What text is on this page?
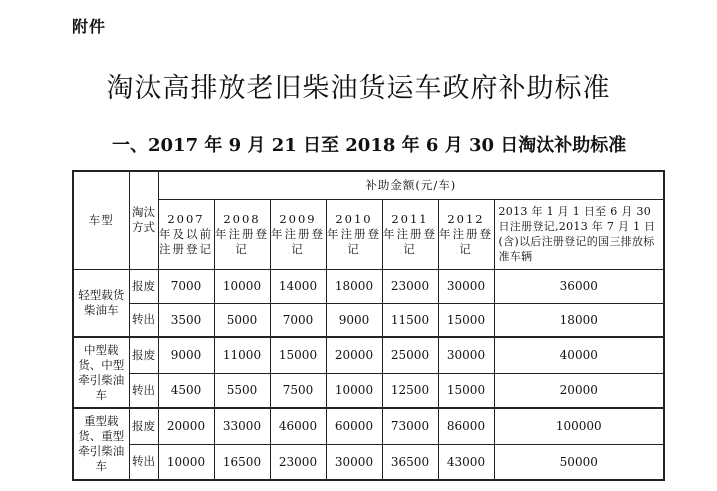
附件
淘汰高排放老旧柴油货运车政府补助标准
一、2017 年 9 月 21 日至 2018 年 6 月 30 日淘汰补助标准
车型	淘汰方式	补助金额(元/车)						
		2007 年及以前注册登记	2008 年注册登记	2009 年注册登记	2010 年注册登记	2011 年注册登记	2012 年注册登记	2013 年 1 月 1 日至 6 月 30 日注册登记,2013 年 7 月 1 日(含)以后注册登记的国三排放标准车辆
轻型载货柴油车	报废	7000	10000	14000	18000	23000	30000	36000
	转出	3500	5000	7000	9000	11500	15000	18000
中型载货、中型牵引柴油车	报废	9000	11000	15000	20000	25000	30000	40000
	转出	4500	5500	7500	10000	12500	15000	20000
重型载货、重型牵引柴油车	报废	20000	33000	46000	60000	73000	86000	100000
	转出	10000	16500	23000	30000	36500	43000	50000
